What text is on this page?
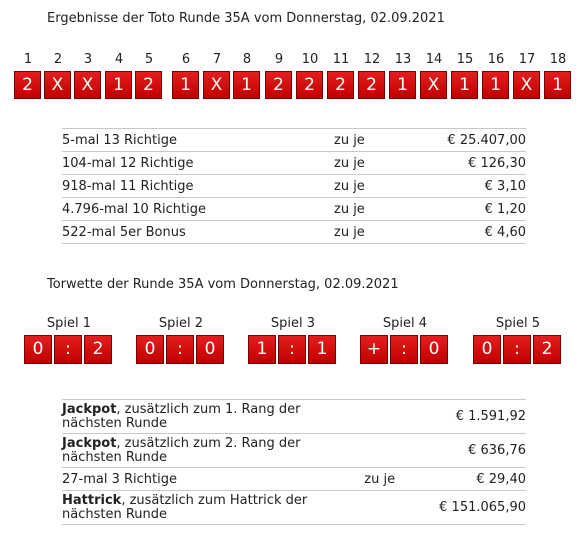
Ergebnisse der Toto Runde 35A vom Donnerstag, 02.09.2021
1	2	3	4	5	6	7	8	9	10	11	12	13	14	15	16	17	18
2	X	X	1	2	1	X	1	2	2	2	2	1	X	1	1	X	1
5-mal 13 Richtige	zu je	€ 25.407,00
104-mal 12 Richtige	zu je	€ 126,30
918-mal 11 Richtige	zu je	€ 3,10
4.796-mal 10 Richtige	zu je	€ 1,20
522-mal 5er Bonus	zu je	€ 4,60
Torwette der Runde 35A vom Donnerstag, 02.09.2021
Spiel 1
0	:	2
Spiel 2
0	:	0
Spiel 3
1	:	1
Spiel 4
+	:	0
Spiel 5
0	:	2
Jackpot, zusätzlich zum 1. Rang der nächsten Runde		€ 1.591,92
Jackpot, zusätzlich zum 2. Rang der nächsten Runde		€ 636,76
27-mal 3 Richtige	zu je	€ 29,40
Hattrick, zusätzlich zum Hattrick der nächsten Runde		€ 151.065,90
